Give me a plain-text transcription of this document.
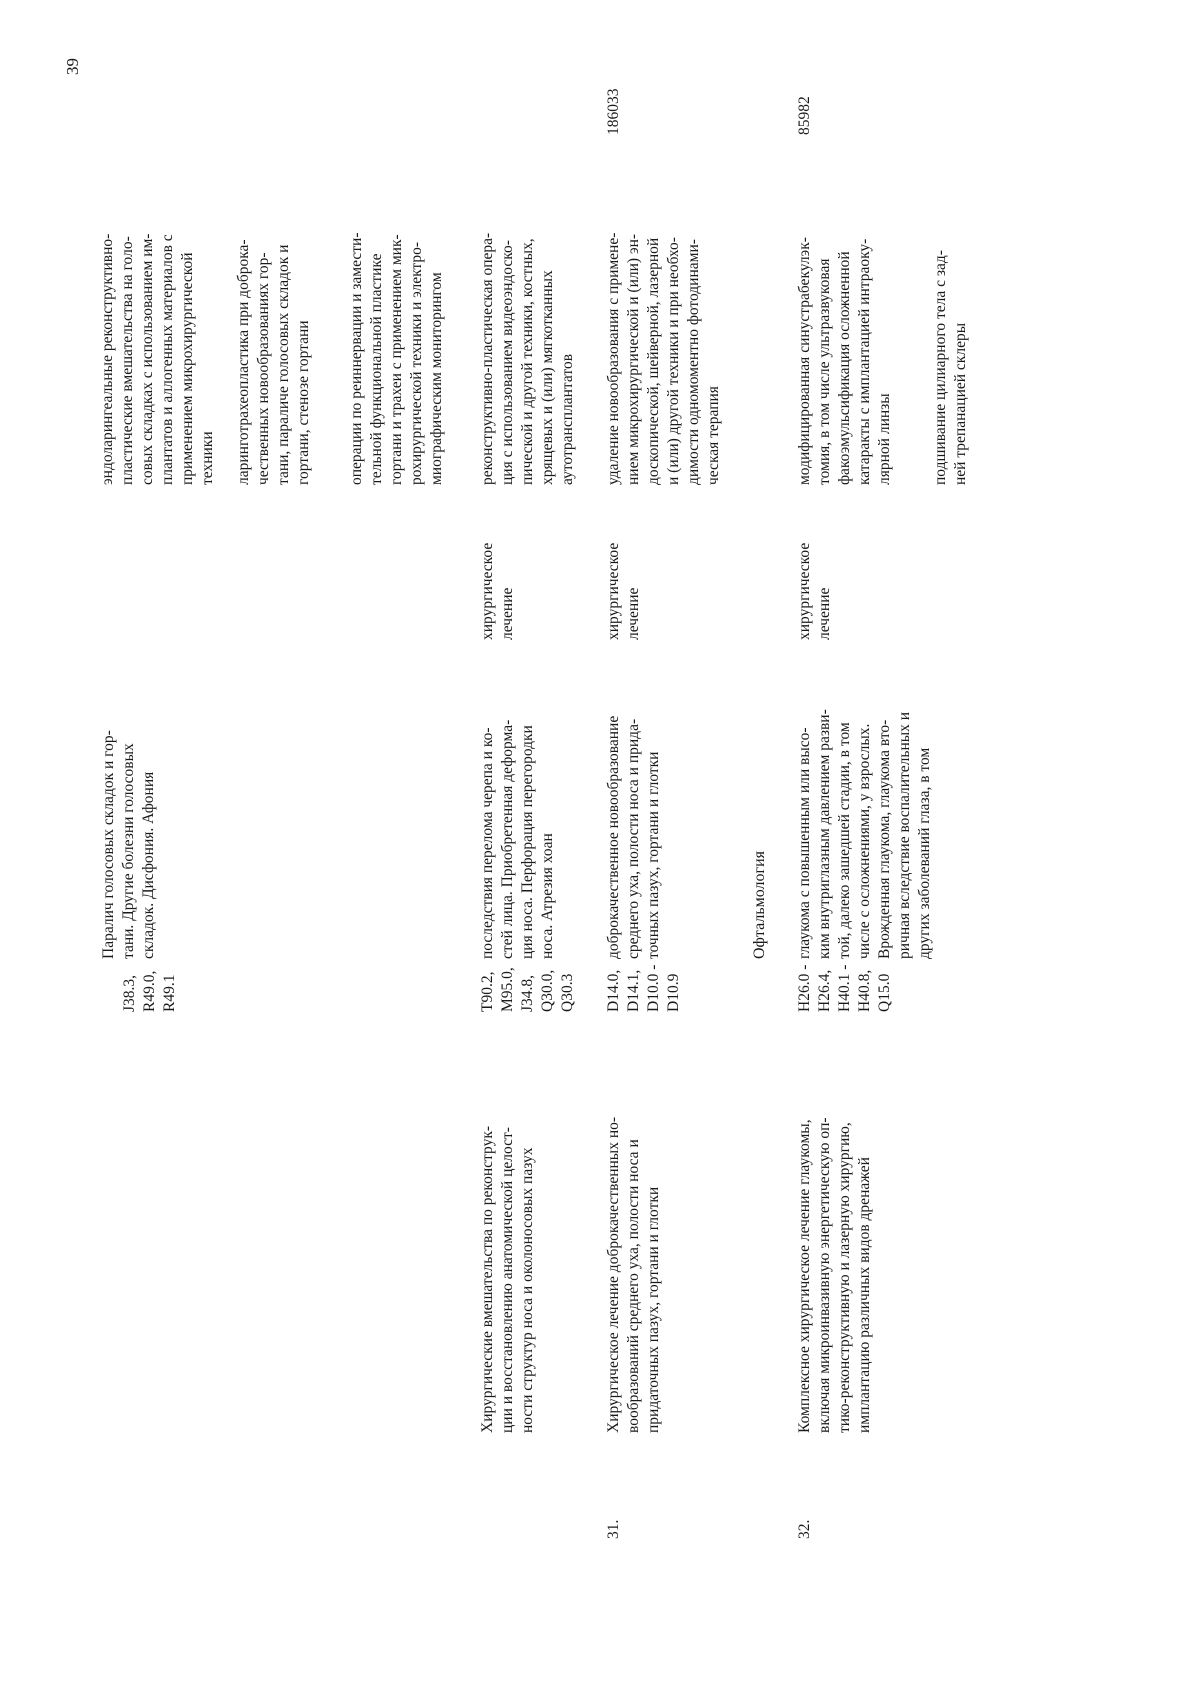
39
J38.3, R49.0, R49.1
Паралич голосовых складок и гор- тани. Другие болезни голосовых складок. Дисфония. Афония
эндоларингеальные реконструктивно- пластические вмешательства на голо- совых складках с использованием им- плантатов и аллогенных материалов с применением микрохирургической техники ларинготрахеопластика при доброка- чественных новообразованиях гор- тани, параличе голосовых складок и гортани, стенозе гортани операции по реиннервации и замести- тельной функциональной пластике гортани и трахеи с применением мик- рохирургической техники и электро- миографическим мониторингом
Хирургические вмешательства по реконструк- ции и восстановлению анатомической целост- ности структур носа и околоносовых пазух
T90.2, M95.0, J34.8, Q30.0, Q30.3
последствия перелома черепа и ко- стей лица. Приобретенная деформа- ция носа. Перфорация перегородки носа. Атрезия хоан
хирургическое лечение
реконструктивно-пластическая опера- ция с использованием видеоэндоско- пической и другой техники, костных, хрящевых и (или) мягкотканных аутотрансплантатов
31.
Хирургическое лечение доброкачественных но- вообразований среднего уха, полости носа и придаточных пазух, гортани и глотки
D14.0, D14.1, D10.0 - D10.9
доброкачественное новообразование среднего уха, полости носа и прида- точных пазух, гортани и глотки
хирургическое лечение
удаление новообразования с примене- нием микрохирургической и (или) эн- доскопической, шейверной, лазерной и (или) другой техники и при необхо- димости одномоментно фотодинами- ческая терапия
186033
Офтальмология
32.
Комплексное хирургическое лечение глаукомы, включая микроинвазивную энергетическую оп- тико-реконструктивную и лазерную хирургию, имплантацию различных видов дренажей
H26.0 - H26.4, H40.1 - H40.8, Q15.0
глаукома с повышенным или высо- ким внутриглазным давлением разви- той, далеко зашедшей стадии, в том числе с осложнениями, у взрослых. Врожденная глаукома, глаукома вто- ричная вследствие воспалительных и других заболеваний глаза, в том
хирургическое лечение
модифицированная синустрабекулэк- томия, в том числе ультразвуковая факоэмульсификация осложненной катаракты с имплантацией интраоку- лярной линзы	подшивание цилиарного тела с зад- ней трепанацией склеры
85982
